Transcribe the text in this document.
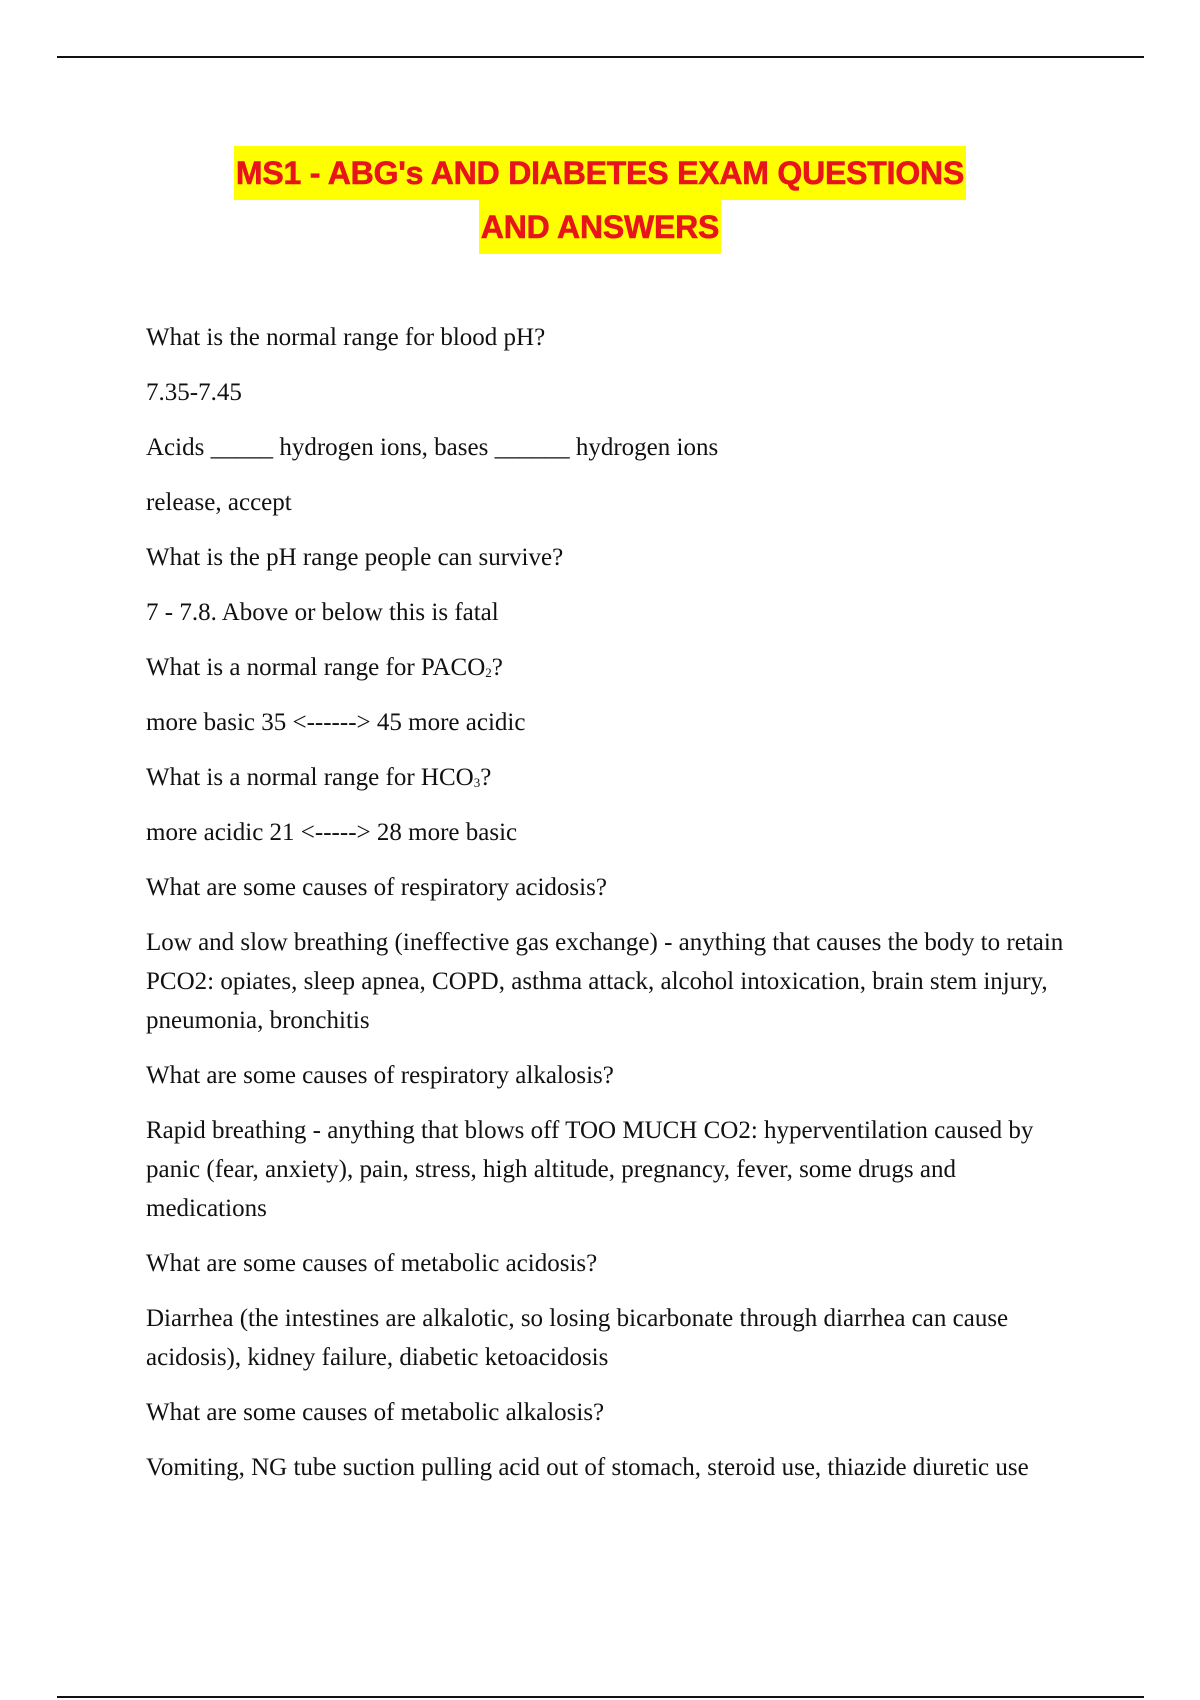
MS1 - ABG's AND DIABETES EXAM QUESTIONS
AND ANSWERS

What is the normal range for blood pH?

7.35-7.45

Acids _____ hydrogen ions, bases ______ hydrogen ions

release, accept

What is the pH range people can survive?

7 - 7.8. Above or below this is fatal

What is a normal range for $PACO_2$?

more basic 35 <------> 45 more acidic

What is a normal range for $HCO_3$?

more acidic 21 <-----> 28 more basic

What are some causes of respiratory acidosis?

Low and slow breathing (ineffective gas exchange) - anything that causes the body to retain PCO2: opiates, sleep apnea, COPD, asthma attack, alcohol intoxication, brain stem injury, pneumonia, bronchitis

What are some causes of respiratory alkalosis?

Rapid breathing - anything that blows off TOO MUCH CO2: hyperventilation caused by panic (fear, anxiety), pain, stress, high altitude, pregnancy, fever, some drugs and medications

What are some causes of metabolic acidosis?

Diarrhea (the intestines are alkalotic, so losing bicarbonate through diarrhea can cause acidosis), kidney failure, diabetic ketoacidosis

What are some causes of metabolic alkalosis?

Vomiting, NG tube suction pulling acid out of stomach, steroid use, thiazide diuretic use
